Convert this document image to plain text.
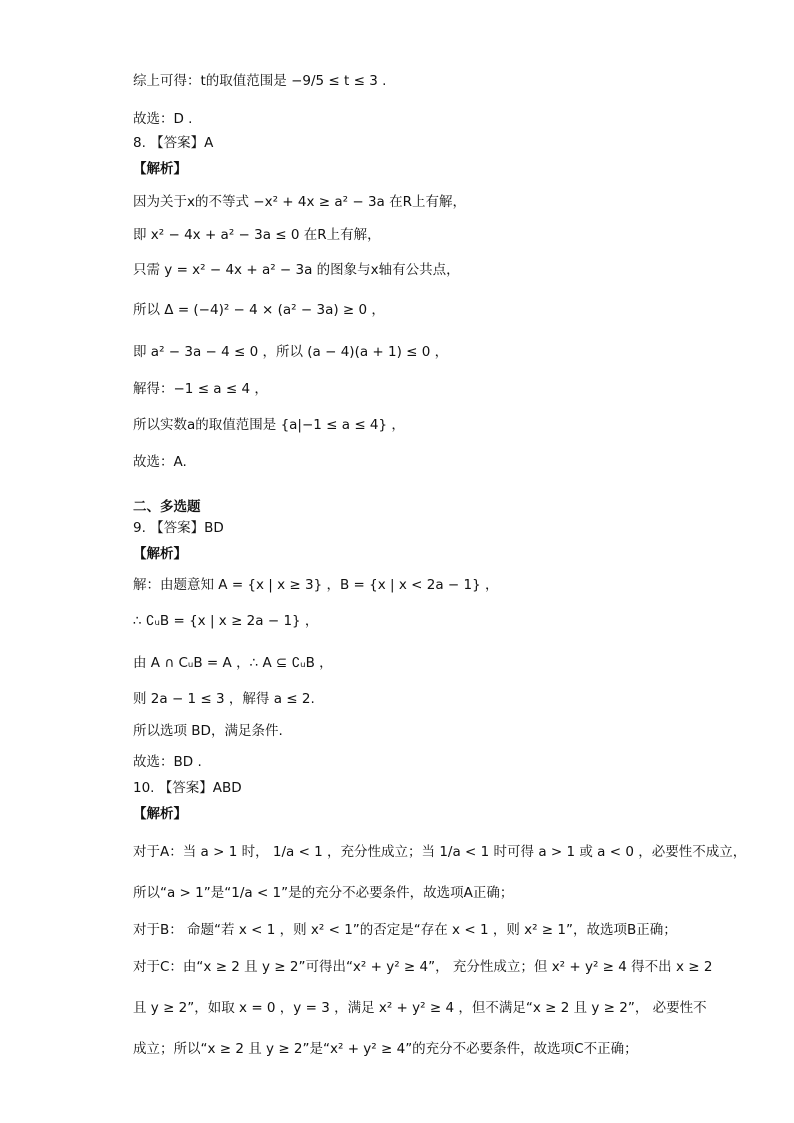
综上可得：t的取值范围是 −9/5 ≤ t ≤ 3 .
故选：D .
8. 【答案】A
【解析】
因为关于x的不等式 −x² + 4x ≥ a² − 3a 在R上有解，
即 x² − 4x + a² − 3a ≤ 0 在R上有解，
只需 y = x² − 4x + a² − 3a 的图象与x轴有公共点，
所以 Δ = (−4)² − 4 × (a² − 3a) ≥ 0 ，
即 a² − 3a − 4 ≤ 0 ，所以 (a − 4)(a + 1) ≤ 0 ，
解得：−1 ≤ a ≤ 4 ，
所以实数a的取值范围是 {a|−1 ≤ a ≤ 4} ，
故选：A.
二、多选题
9. 【答案】BD
【解析】
解：由题意知 A = {x | x ≥ 3} ，B = {x | x < 2a − 1} ，
∴ ∁ᵤB = {x | x ≥ 2a − 1} ，
由 A ∩ CᵤB = A ，∴ A ⊆ ∁ᵤB ，
则 2a − 1 ≤ 3 ，解得 a ≤ 2.
所以选项 BD，满足条件.
故选：BD .
10. 【答案】ABD
【解析】
对于A：当 a > 1 时， 1/a < 1 ，充分性成立；当 1/a < 1 时可得 a > 1 或 a < 0 ，必要性不成立，
所以“a > 1”是“1/a < 1”是的充分不必要条件，故选项A正确；
对于B： 命题“若 x < 1 ，则 x² < 1”的否定是“存在 x < 1 ，则 x² ≥ 1”，故选项B正确；
对于C：由“x ≥ 2 且 y ≥ 2”可得出“x² + y² ≥ 4”， 充分性成立；但 x² + y² ≥ 4 得不出 x ≥ 2
且 y ≥ 2”，如取 x = 0 ，y = 3 ，满足 x² + y² ≥ 4 ，但不满足“x ≥ 2 且 y ≥ 2”， 必要性不
成立；所以“x ≥ 2 且 y ≥ 2”是“x² + y² ≥ 4”的充分不必要条件，故选项C不正确；
